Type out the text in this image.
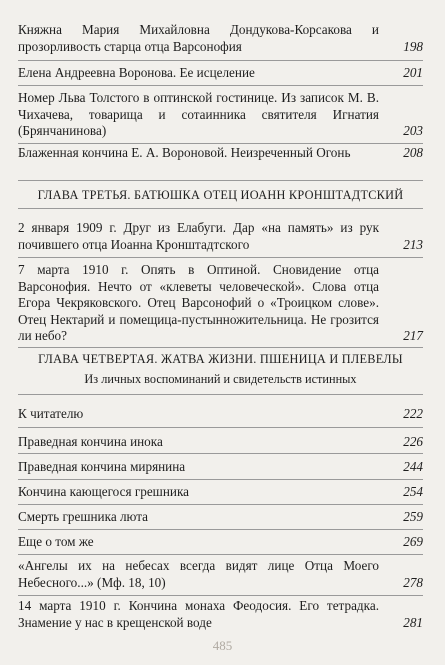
Княжна Мария Михайловна Дондукова-Корсакова и прозорливость старца отца Варсонофия	198
Елена Андреевна Воронова. Ее исцеление	201
Номер Льва Толстого в оптинской гостинице. Из записок М. В. Чихачева, товарища и сотаинника святителя Игнатия (Брянчанинова)	203
Блаженная кончина Е. А. Вороновой. Неизреченный Огонь	208
ГЛАВА ТРЕТЬЯ. БАТЮШКА ОТЕЦ ИОАНН КРОНШТАДТСКИЙ
2 января 1909 г. Друг из Елабуги. Дар «на память» из рук почившего отца Иоанна Кронштадтского	213
7 марта 1910 г. Опять в Оптиной. Сновидение отца Варсонофия. Нечто от «клеветы человеческой». Слова отца Егора Чекряковского. Отец Варсонофий о «Троицком слове». Отец Нектарий и помещица-пустынножительница. Не грозится ли небо?	217
ГЛАВА ЧЕТВЕРТАЯ. ЖАТВА ЖИЗНИ. ПШЕНИЦА И ПЛЕВЕЛЫ
Из личных воспоминаний и свидетельств истинных
К читателю	222
Праведная кончина инока	226
Праведная кончина мирянина	244
Кончина кающегося грешника	254
Смерть грешника люта	259
Еще о том же	269
«Ангелы их на небесах всегда видят лице Отца Моего Небесного...» (Мф. 18, 10)	278
14 марта 1910 г. Кончина монаха Феодосия. Его тетрадка. Знамение у нас в крещенской воде	281
485
